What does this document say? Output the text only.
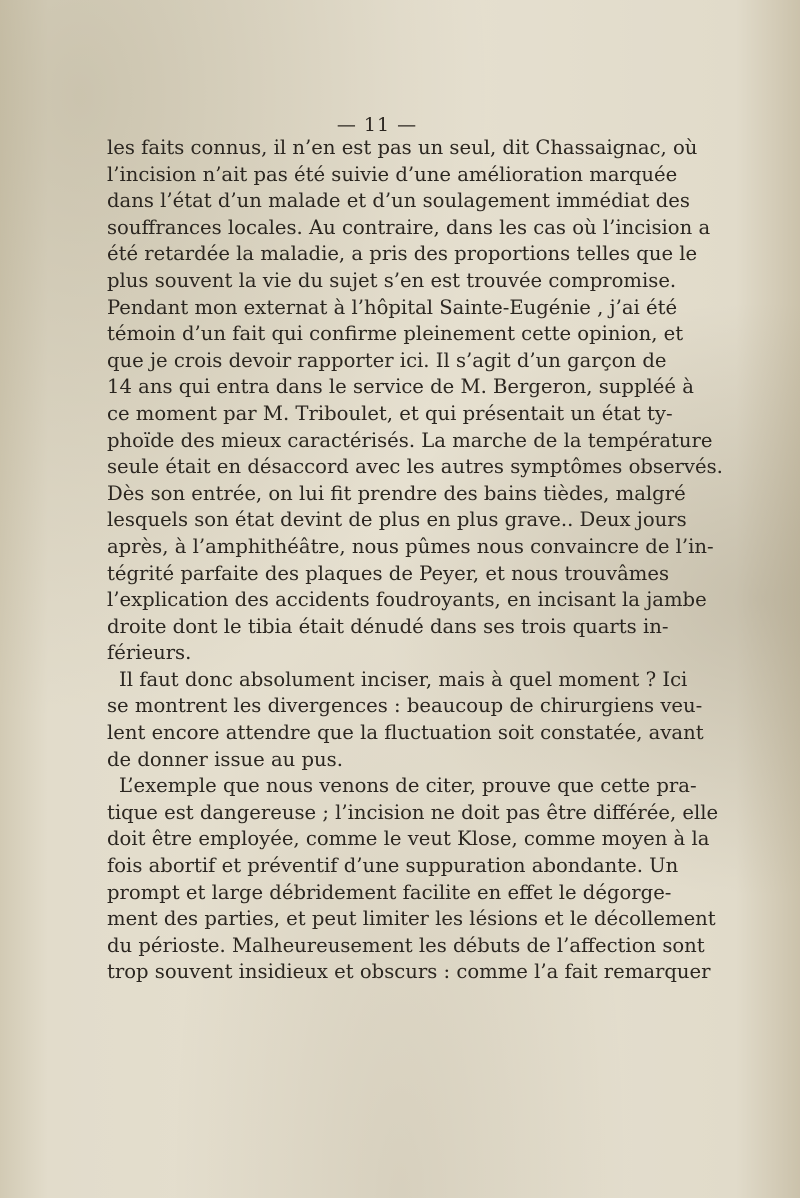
— 11 —
les faits connus, il n’en est pas un seul, dit Chassaignac, où
l’incision n’ait pas été suivie d’une amélioration marquée
dans l’état d’un malade et d’un soulagement immédiat des
souffrances locales. Au contraire, dans les cas où l’incision a
été retardée la maladie, a pris des proportions telles que le
plus souvent la vie du sujet s’en est trouvée compromise.
Pendant mon externat à l’hôpital Sainte-Eugénie , j’ai été
témoin d’un fait qui confirme pleinement cette opinion, et
que je crois devoir rapporter ici. Il s’agit d’un garçon de
14 ans qui entra dans le service de M. Bergeron, suppléé à
ce moment par M. Triboulet, et qui présentait un état ty-
phoïde des mieux caractérisés. La marche de la température
seule était en désaccord avec les autres symptômes observés.
Dès son entrée, on lui fit prendre des bains tièdes, malgré
lesquels son état devint de plus en plus grave.. Deux jours
après, à l’amphithéâtre, nous pûmes nous convaincre de l’in-
tégrité parfaite des plaques de Peyer, et nous trouvâmes
l’explication des accidents foudroyants, en incisant la jambe
droite dont le tibia était dénudé dans ses trois quarts in-
férieurs.
Il faut donc absolument inciser, mais à quel moment ? Ici
se montrent les divergences : beaucoup de chirurgiens veu-
lent encore attendre que la fluctuation soit constatée, avant
de donner issue au pus.
L’exemple que nous venons de citer, prouve que cette pra-
tique est dangereuse ; l’incision ne doit pas être différée, elle
doit être employée, comme le veut Klose, comme moyen à la
fois abortif et préventif d’une suppuration abondante. Un
prompt et large débridement facilite en effet le dégorge-
ment des parties, et peut limiter les lésions et le décollement
du périoste. Malheureusement les débuts de l’affection sont
trop souvent insidieux et obscurs : comme l’a fait remarquer
